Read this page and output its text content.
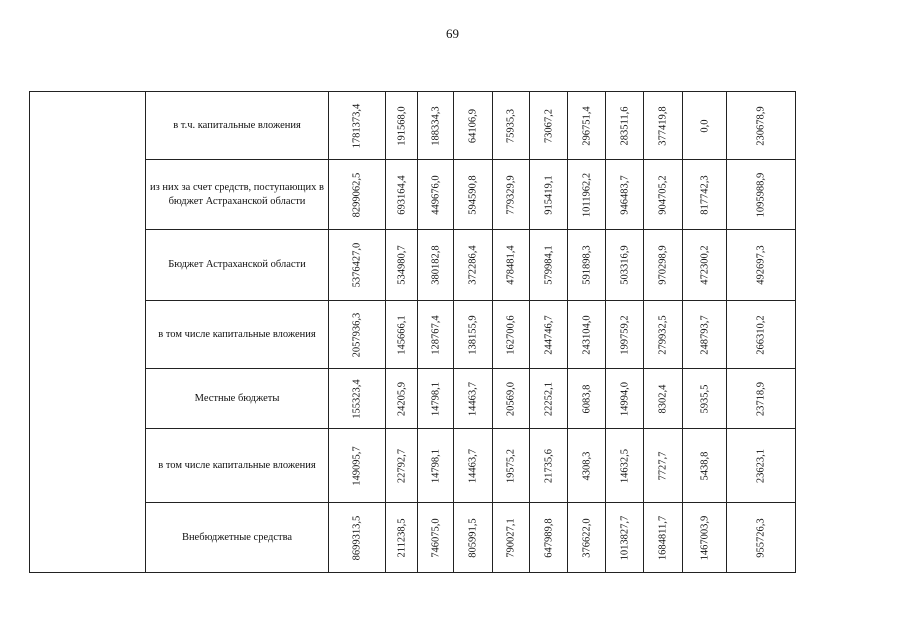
69
	в т.ч. капитальные вложения	1781373,4	191568,0	188334,3	64106,9	75935,3	73067,2	296751,4	283511,6	377419,8	0,0	230678,9

	из них за счет средств, поступающих в бюджет Астраханской области	8299062,5	693164,4	449676,0	594590,8	779329,9	915419,1	1011962,2	946483,7	904705,2	817742,3	1095988,9

	Бюджет Астраханской области	5376427,0	534980,7	380182,8	372286,4	478481,4	579984,1	591898,3	503316,9	970298,9	472300,2	492697,3

	в том числе капитальные вложения	2057936,3	145666,1	128767,4	138155,9	162700,6	244746,7	243104,0	199759,2	279932,5	248793,7	266310,2

	Местные бюджеты	155323,4	24205,9	14798,1	14463,7	20569,0	22252,1	6083,8	14994,0	8302,4	5935,5	23718,9

	в том числе капитальные вложения	149095,7	22792,7	14798,1	14463,7	19575,2	21735,6	4308,3	14632,5	7727,7	5438,8	23623,1

	Внебюджетные средства	8699313,5	211238,5	746075,0	805991,5	790027,1	647989,8	376622,0	1013827,7	1684811,7	1467003,9	955726,3
